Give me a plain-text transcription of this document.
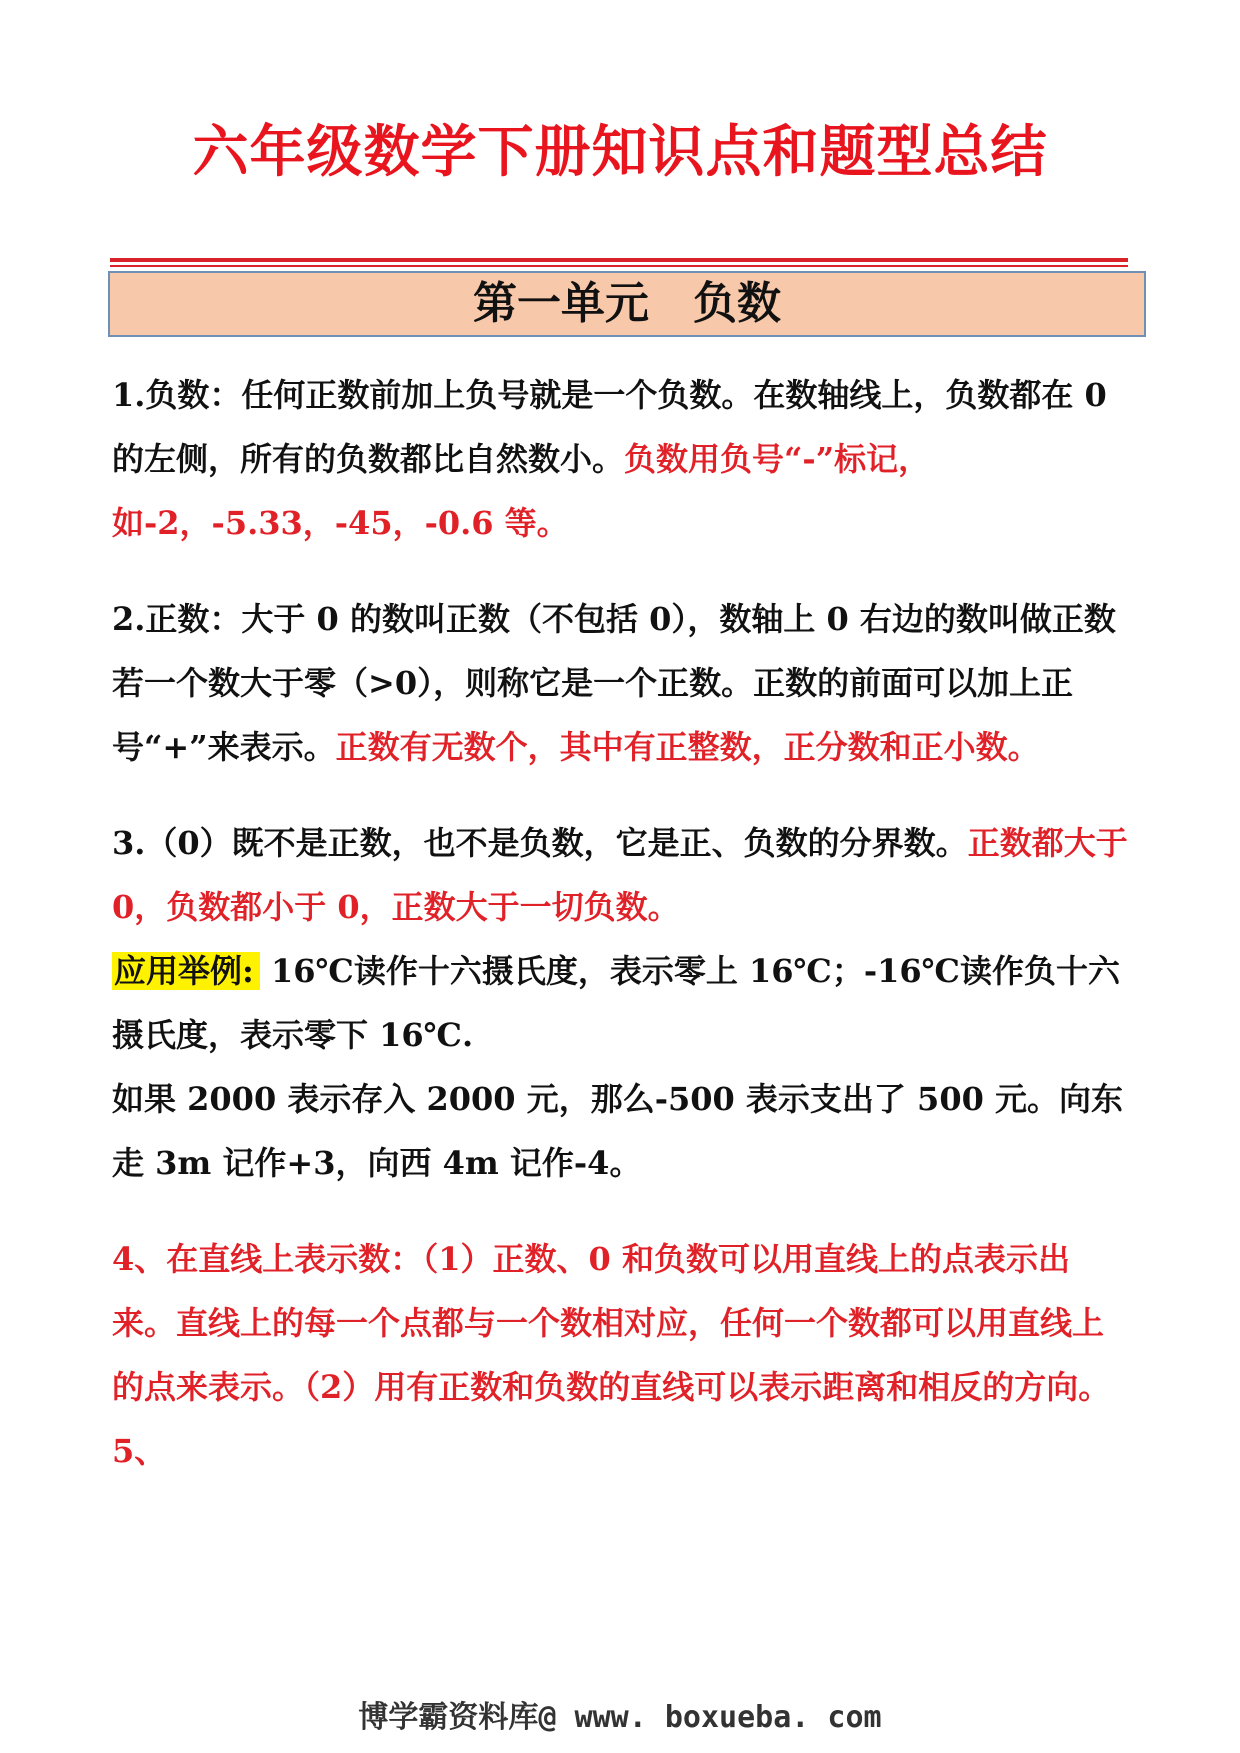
六年级数学下册知识点和题型总结
第一单元　负数

1.负数：任何正数前加上负号就是一个负数。在数轴线上，负数都在 0 的左侧，所有的负数都比自然数小。负数用负号“-”标记，如-2，-5.33，-45，-0.6 等。

2.正数：大于 0 的数叫正数（不包括 0），数轴上 0 右边的数叫做正数若一个数大于零（>0），则称它是一个正数。正数的前面可以加上正号“+”来表示。正数有无数个，其中有正整数，正分数和正小数。

3.（0）既不是正数，也不是负数，它是正、负数的分界数。正数都大于 0，负数都小于 0，正数大于一切负数。

应用举例: 16℃读作十六摄氏度，表示零上 16℃；-16℃读作负十六摄氏度，表示零下 16℃.

如果 2000 表示存入 2000 元，那么-500 表示支出了 500 元。向东走 3m 记作+3，向西 4m 记作-4。

4、在直线上表示数：（1）正数、0 和负数可以用直线上的点表示出来。直线上的每一个点都与一个数相对应，任何一个数都可以用直线上的点来表示。（2）用有正数和负数的直线可以表示距离和相反的方向。

5、

博学霸资料库@ www. boxueba. com
